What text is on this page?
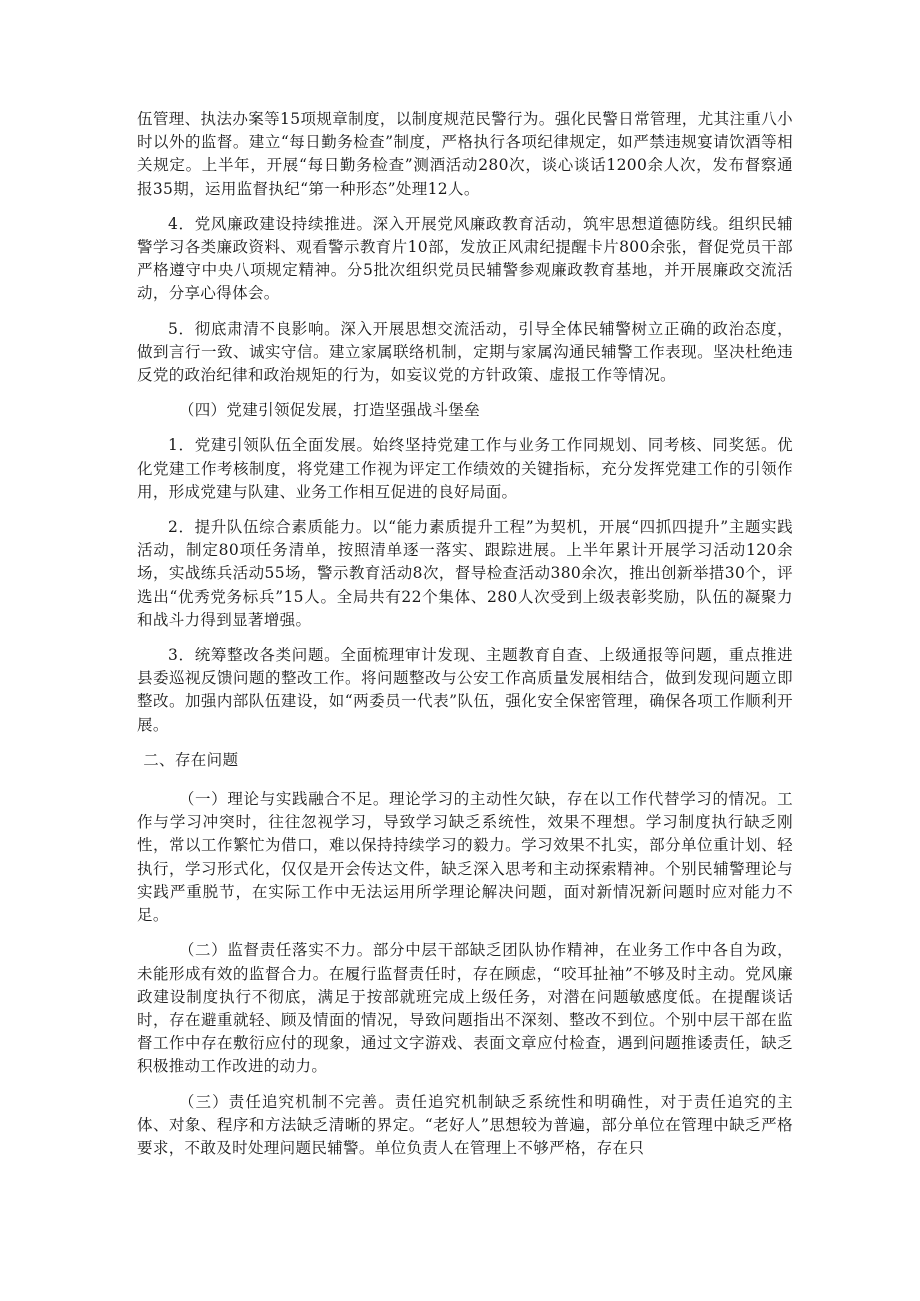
伍管理、执法办案等15项规章制度，以制度规范民警行为。强化民警日常管理，尤其注重八小时以外的监督。建立“每日勤务检查”制度，严格执行各项纪律规定，如严禁违规宴请饮酒等相关规定。上半年，开展“每日勤务检查”测酒活动280次，谈心谈话1200余人次，发布督察通报35期，运用监督执纪“第一种形态”处理12人。

4．党风廉政建设持续推进。深入开展党风廉政教育活动，筑牢思想道德防线。组织民辅警学习各类廉政资料、观看警示教育片10部，发放正风肃纪提醒卡片800余张，督促党员干部严格遵守中央八项规定精神。分5批次组织党员民辅警参观廉政教育基地，并开展廉政交流活动，分享心得体会。

5．彻底肃清不良影响。深入开展思想交流活动，引导全体民辅警树立正确的政治态度，做到言行一致、诚实守信。建立家属联络机制，定期与家属沟通民辅警工作表现。坚决杜绝违反党的政治纪律和政治规矩的行为，如妄议党的方针政策、虚报工作等情况。

（四）党建引领促发展，打造坚强战斗堡垒

1．党建引领队伍全面发展。始终坚持党建工作与业务工作同规划、同考核、同奖惩。优化党建工作考核制度，将党建工作视为评定工作绩效的关键指标，充分发挥党建工作的引领作用，形成党建与队建、业务工作相互促进的良好局面。

2．提升队伍综合素质能力。以“能力素质提升工程”为契机，开展“四抓四提升”主题实践活动，制定80项任务清单，按照清单逐一落实、跟踪进展。上半年累计开展学习活动120余场，实战练兵活动55场，警示教育活动8次，督导检查活动380余次，推出创新举措30个，评选出“优秀党务标兵”15人。全局共有22个集体、280人次受到上级表彰奖励，队伍的凝聚力和战斗力得到显著增强。

3．统筹整改各类问题。全面梳理审计发现、主题教育自查、上级通报等问题，重点推进县委巡视反馈问题的整改工作。将问题整改与公安工作高质量发展相结合，做到发现问题立即整改。加强内部队伍建设，如“两委员一代表”队伍，强化安全保密管理，确保各项工作顺利开展。

二、存在问题

（一）理论与实践融合不足。理论学习的主动性欠缺，存在以工作代替学习的情况。工作与学习冲突时，往往忽视学习，导致学习缺乏系统性，效果不理想。学习制度执行缺乏刚性，常以工作繁忙为借口，难以保持持续学习的毅力。学习效果不扎实，部分单位重计划、轻执行，学习形式化，仅仅是开会传达文件，缺乏深入思考和主动探索精神。个别民辅警理论与实践严重脱节，在实际工作中无法运用所学理论解决问题，面对新情况新问题时应对能力不足。

（二）监督责任落实不力。部分中层干部缺乏团队协作精神，在业务工作中各自为政，未能形成有效的监督合力。在履行监督责任时，存在顾虑，“咬耳扯袖”不够及时主动。党风廉政建设制度执行不彻底，满足于按部就班完成上级任务，对潜在问题敏感度低。在提醒谈话时，存在避重就轻、顾及情面的情况，导致问题指出不深刻、整改不到位。个别中层干部在监督工作中存在敷衍应付的现象，通过文字游戏、表面文章应付检查，遇到问题推诿责任，缺乏积极推动工作改进的动力。

（三）责任追究机制不完善。责任追究机制缺乏系统性和明确性，对于责任追究的主体、对象、程序和方法缺乏清晰的界定。“老好人”思想较为普遍，部分单位在管理中缺乏严格要求，不敢及时处理问题民辅警。单位负责人在管理上不够严格，存在只
